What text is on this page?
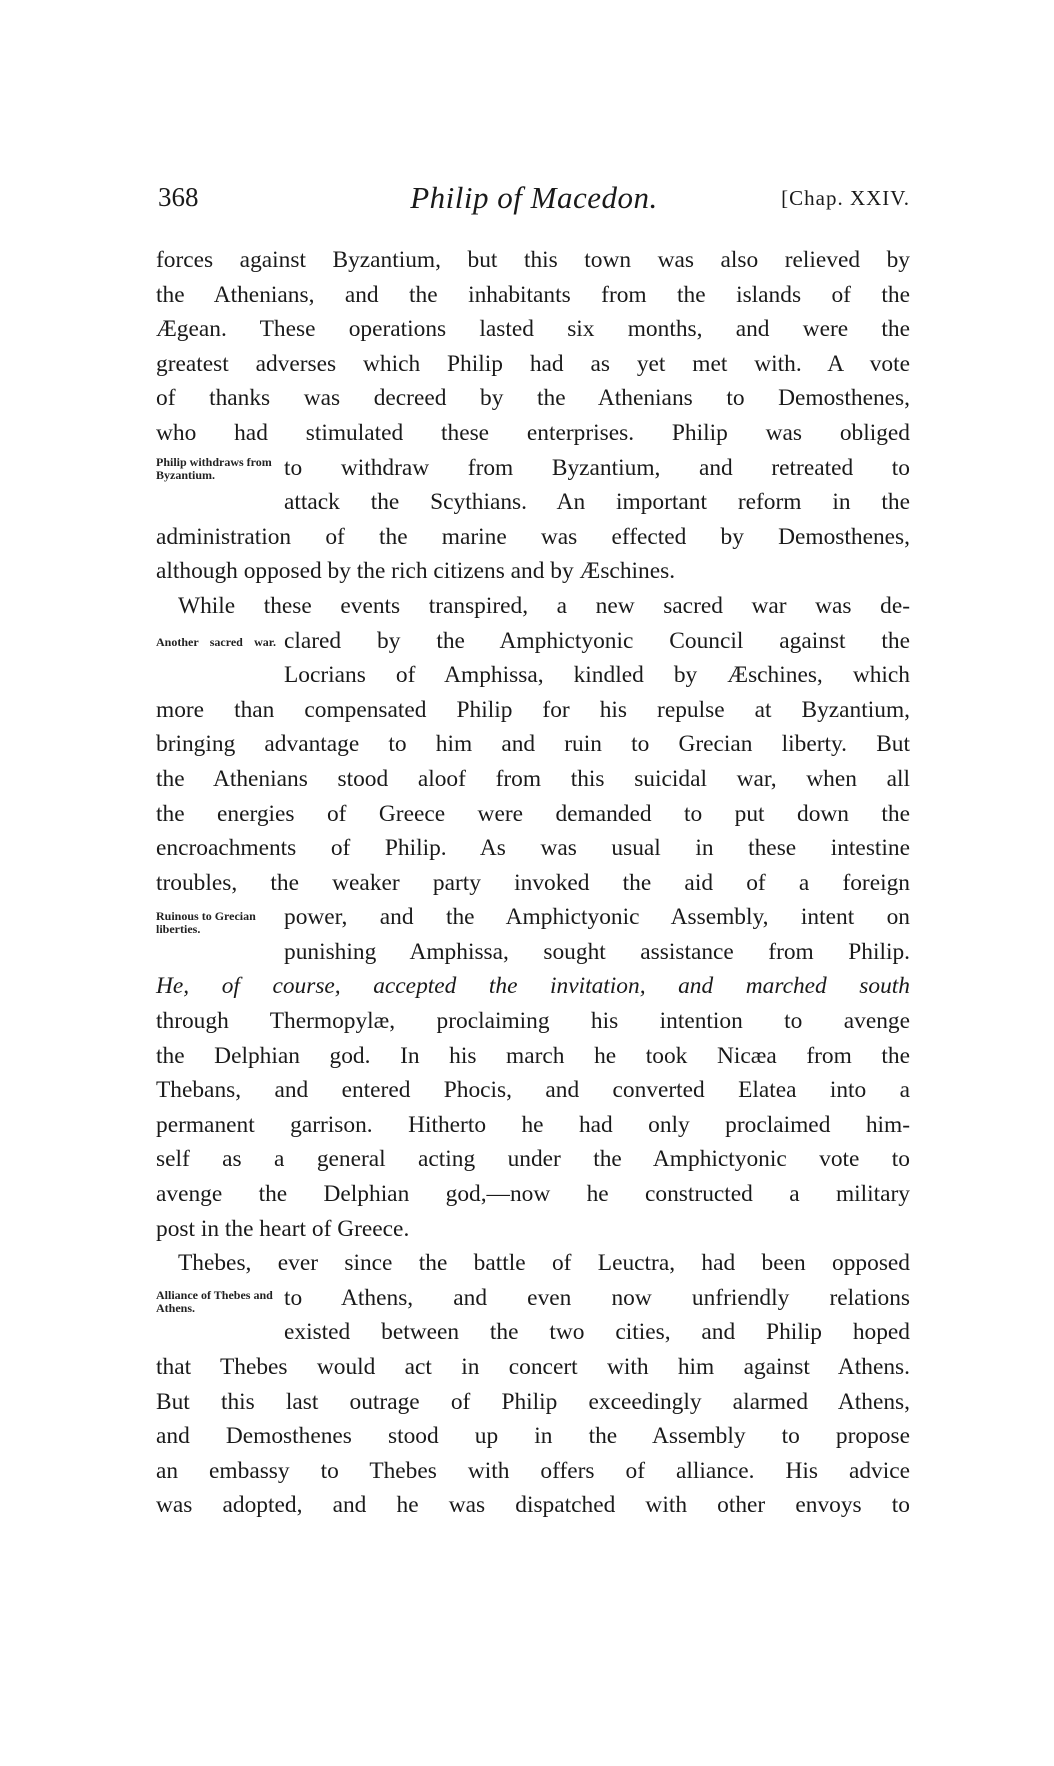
368	Philip of Macedon.	[Chap. XXIV.
forces against Byzantium, but this town was also relieved by
the Athenians, and the inhabitants from the islands of the
Ægean. These operations lasted six months, and were the
greatest adverses which Philip had as yet met with. A vote
of thanks was decreed by the Athenians to Demosthenes,
who had stimulated these enterprises. Philip was obliged
Philip withdraws from Byzantium.	to withdraw from Byzantium, and retreated to
attack the Scythians. An important reform in the
administration of the marine was effected by Demosthenes,
although opposed by the rich citizens and by Æschines.
While these events transpired, a new sacred war was de-
Another sacred war. clared by the Amphictyonic Council against the
Locrians of Amphissa, kindled by Æschines, which
more than compensated Philip for his repulse at Byzantium,
bringing advantage to him and ruin to Grecian liberty. But
the Athenians stood aloof from this suicidal war, when all
the energies of Greece were demanded to put down the
encroachments of Philip. As was usual in these intestine
troubles, the weaker party invoked the aid of a foreign
Ruinous to Grecian liberties.	power, and the Amphictyonic Assembly, intent on
punishing Amphissa, sought assistance from Philip.
He, of course, accepted the invitation, and marched south
through Thermopylæ, proclaiming his intention to avenge
the Delphian god. In his march he took Nicæa from the
Thebans, and entered Phocis, and converted Elatea into a
permanent garrison. Hitherto he had only proclaimed him-
self as a general acting under the Amphictyonic vote to
avenge the Delphian god,—now he constructed a military
post in the heart of Greece.
Thebes, ever since the battle of Leuctra, had been opposed
Alliance of Thebes and Athens.	to Athens, and even now unfriendly relations
existed between the two cities, and Philip hoped
that Thebes would act in concert with him against Athens.
But this last outrage of Philip exceedingly alarmed Athens,
and Demosthenes stood up in the Assembly to propose
an embassy to Thebes with offers of alliance. His advice
was adopted, and he was dispatched with other envoys to
